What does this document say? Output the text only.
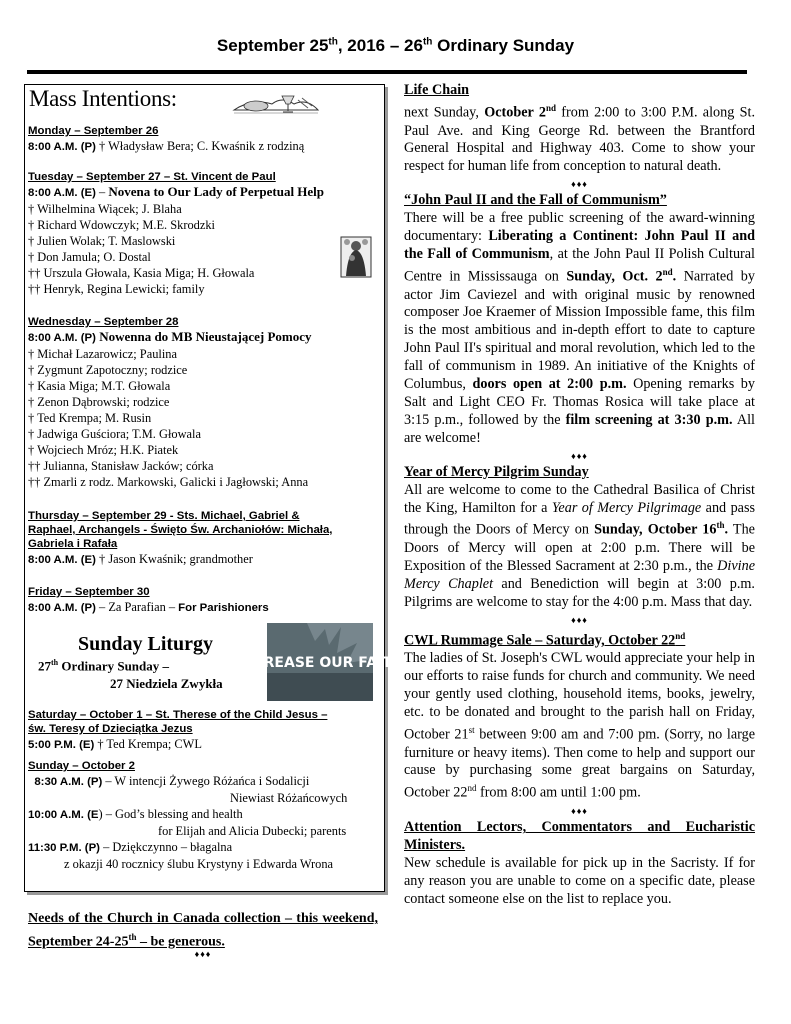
September 25th, 2016 – 26th Ordinary Sunday
Mass Intentions:
Monday – September 26
8:00 A.M. (P) † Władysław Bera; C. Kwaśnik z rodziną
Tuesday – September 27 – St. Vincent de Paul
8:00 A.M. (E) – Novena to Our Lady of Perpetual Help
† Wilhelmina Wiącek; J. Blaha
† Richard Wdowczyk; M.E. Skrodzki
† Julien Wolak; T. Maslowski
† Don Jamula; O. Dostal
†† Urszula Głowala, Kasia Miga; H. Głowala
†† Henryk, Regina Lewicki; family
Wednesday – September 28
8:00 A.M. (P) Nowenna do MB Nieustającej Pomocy
† Michał Lazarowicz; Paulina
† Zygmunt Zapotoczny; rodzice
† Kasia Miga; M.T. Głowala
† Zenon Dąbrowski; rodzice
† Ted Krempa; M. Rusin
† Jadwiga Guściora; T.M. Głowala
† Wojciech Mróz; H.K. Piatek
†† Julianna, Stanisław Jacków; córka
†† Zmarli z rodz. Markowski, Galicki i Jagłowski; Anna
Thursday – September 29 - Sts. Michael, Gabriel &
Raphael, Archangels - Święto Św. Archaniołów: Michała,
Gabriela i Rafała
8:00 A.M. (E) † Jason Kwaśnik; grandmother
Friday – September 30
8:00 A.M. (P) – Za Parafian – For Parishioners
Sunday Liturgy
27th Ordinary Sunday –
27 Niedziela Zwykła
INCREASE OUR FAITH
Saturday – October 1 – St. Therese of the Child Jesus –
św. Teresy of Dzieciątka Jezus
5:00 P.M. (E) † Ted Krempa; CWL
Sunday – October 2
8:30 A.M. (P) – W intencji Żywego Różańca i Sodalicji
Niewiast Różańcowych
10:00 A.M. (E) – God’s blessing and health
for Elijah and Alicia Dubecki; parents
11:30 P.M. (P) – Dziękczynno – błagalna
z okazji 40 rocznicy ślubu Krystyny i Edwarda Wrona
Needs of the Church in Canada collection – this weekend, September 24-25th – be generous.
♦♦♦

Life Chain

next Sunday, October 2nd from 2:00 to 3:00 P.M. along St. Paul Ave. and King George Rd. between the Brantford General Hospital and Highway 403. Come to show your respect for human life from conception to natural death.

♦♦♦

“John Paul II and the Fall of Communism”

There will be a free public screening of the award-winning documentary: Liberating a Continent: John Paul II and the Fall of Communism, at the John Paul II Polish Cultural Centre in Mississauga on Sunday, Oct. 2nd. Narrated by actor Jim Caviezel and with original music by renowned composer Joe Kraemer of Mission Impossible fame, this film is the most ambitious and in-depth effort to date to capture John Paul II's spiritual and moral revolution, which led to the fall of communism in 1989. An initiative of the Knights of Columbus, doors open at 2:00 p.m. Opening remarks by Salt and Light CEO Fr. Thomas Rosica will take place at 3:15 p.m., followed by the film screening at 3:30 p.m. All are welcome!

♦♦♦

Year of Mercy Pilgrim Sunday

All are welcome to come to the Cathedral Basilica of Christ the King, Hamilton for a Year of Mercy Pilgrimage and pass through the Doors of Mercy on Sunday, October 16th. The Doors of Mercy will open at 2:00 p.m. There will be Exposition of the Blessed Sacrament at 2:30 p.m., the Divine Mercy Chaplet and Benediction will begin at 3:00 p.m. Pilgrims are welcome to stay for the 4:00 p.m. Mass that day.

♦♦♦

CWL Rummage Sale – Saturday, October 22nd

The ladies of St. Joseph's CWL would appreciate your help in our efforts to raise funds for church and community. We need your gently used clothing, household items, books, jewelry, etc. to be donated and brought to the parish hall on Friday, October 21st between 9:00 am and 7:00 pm. (Sorry, no large furniture or heavy items). Then come to help and support our cause by purchasing some great bargains on Saturday, October 22nd from 8:00 am until 1:00 pm.

♦♦♦

Attention Lectors, Commentators and Eucharistic Ministers.

New schedule is available for pick up in the Sacristy. If for any reason you are unable to come on a specific date, please contact someone else on the list to replace you.
